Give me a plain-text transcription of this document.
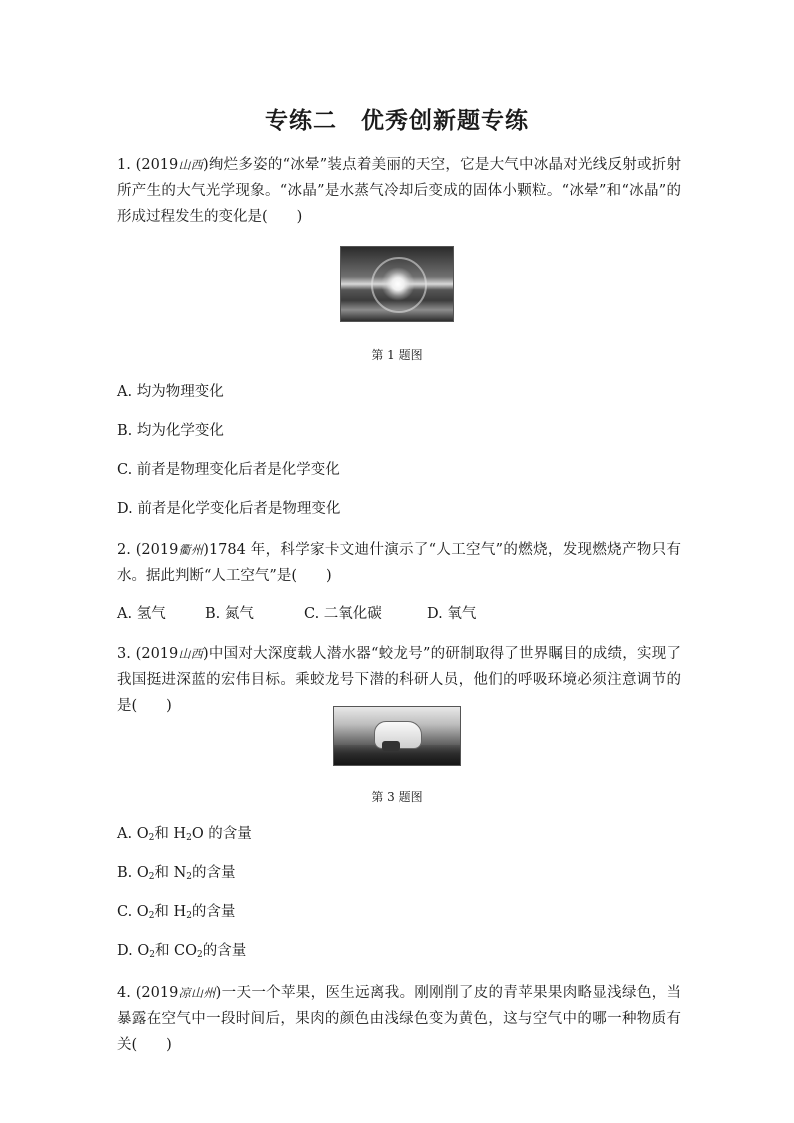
专练二　优秀创新题专练
1. (2019山西)绚烂多姿的“冰晕”装点着美丽的天空，它是大气中冰晶对光线反射或折射所产生的大气光学现象。“冰晶”是水蒸气冷却后变成的固体小颗粒。“冰晕”和“冰晶”的形成过程发生的变化是(　　)
第 1 题图
A. 均为物理变化
B. 均为化学变化
C. 前者是物理变化后者是化学变化
D. 前者是化学变化后者是物理变化
2. (2019衢州)1784 年，科学家卡文迪什演示了“人工空气”的燃烧，发现燃烧产物只有水。据此判断“人工空气”是(　　)
A. 氢气	B. 氮气	C. 二氧化碳	D. 氧气
3. (2019山西)中国对大深度载人潜水器“蛟龙号”的研制取得了世界瞩目的成绩，实现了我国挺进深蓝的宏伟目标。乘蛟龙号下潜的科研人员，他们的呼吸环境必须注意调节的是(　　)
第 3 题图
A. $O_2$和 $H_2O$ 的含量
B. $O_2$和 $N_2$的含量
C. $O_2$和 $H_2$的含量
D. $O_2$和 $CO_2$的含量
4. (2019凉山州)一天一个苹果，医生远离我。刚刚削了皮的青苹果果肉略显浅绿色，当暴露在空气中一段时间后，果肉的颜色由浅绿色变为黄色，这与空气中的哪一种物质有关(　　)
